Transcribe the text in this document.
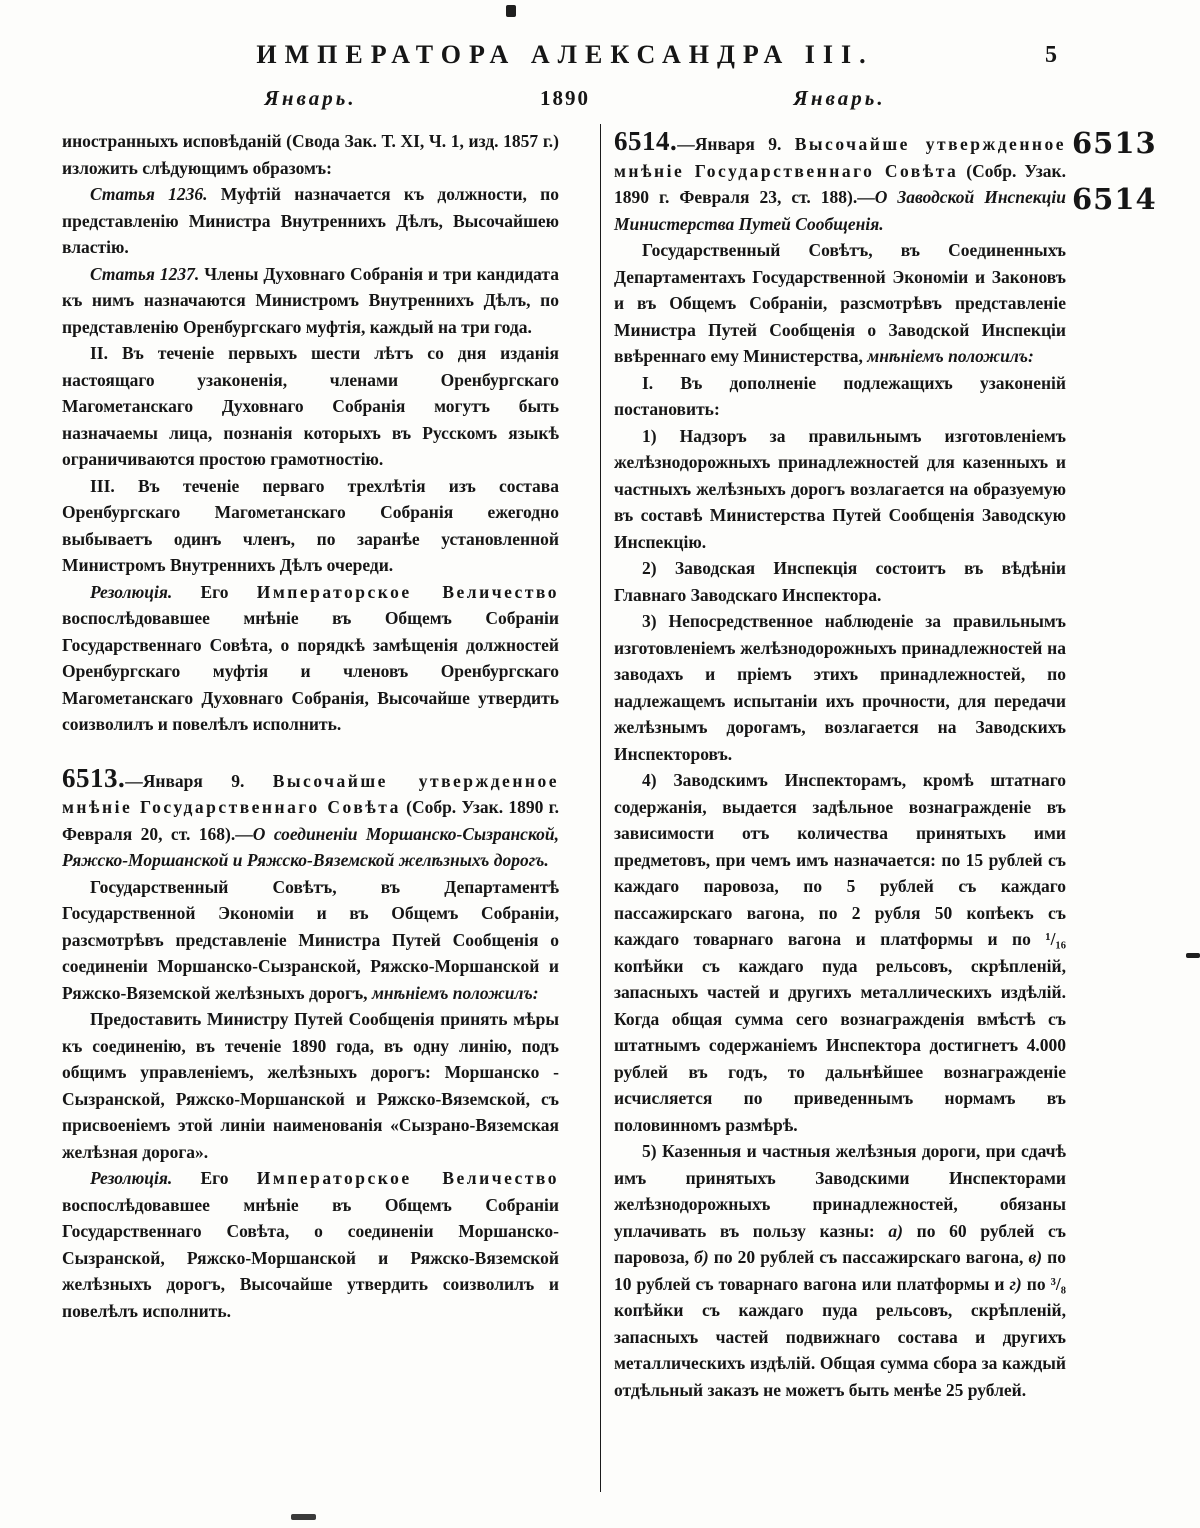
ИМПЕРАТОРА АЛЕКСАНДРА III.	5
Январь.	1890	Январь.
6513
6514

иностранныхъ исповѣданій (Свода Зак. Т. XI, Ч. 1, изд. 1857 г.) изложить слѣдующимъ образомъ:

Статья 1236. Муфтій назначается къ должности, по представленію Министра Внутреннихъ Дѣлъ, Высочайшею властію.

Статья 1237. Члены Духовнаго Собранія и три кандидата къ нимъ назначаются Министромъ Внутреннихъ Дѣлъ, по представленію Оренбургскаго муфтія, каждый на три года.

II. Въ теченіе первыхъ шести лѣтъ со дня изданія настоящаго узаконенія, членами Оренбургскаго Магометанскаго Духовнаго Собранія могутъ быть назначаемы лица, познанія которыхъ въ Русскомъ языкѣ ограничиваются простою грамотностію.

III. Въ теченіе перваго трехлѣтія изъ состава Оренбургскаго Магометанскаго Собранія ежегодно выбываетъ одинъ членъ, по заранѣе установленной Министромъ Внутреннихъ Дѣлъ очереди.

Резолюція. Его Императорское Величество воспослѣдовавшее мнѣніе въ Общемъ Собраніи Государственнаго Совѣта, о порядкѣ замѣщенія должностей Оренбургскаго муфтія и членовъ Оренбургскаго Магометанскаго Духовнаго Собранія, Высочайше утвердить соизволилъ и повелѣлъ исполнить.

6513.—Января 9. Высочайше утвержденное мнѣніе Государственнаго Совѣта (Собр. Узак. 1890 г. Февраля 20, ст. 168).—О соединеніи Моршанско-Сызранской, Ряжско-Моршанской и Ряжско-Вяземской желѣзныхъ дорогъ.

Государственный Совѣтъ, въ Департаментѣ Государственной Экономіи и въ Общемъ Собраніи, разсмотрѣвъ представленіе Министра Путей Сообщенія о соединеніи Моршанско-Сызранской, Ряжско-Моршанской и Ряжско-Вяземской желѣзныхъ дорогъ, мнѣніемъ положилъ:

Предоставить Министру Путей Сообщенія принять мѣры къ соединенію, въ теченіе 1890 года, въ одну линію, подъ общимъ управленіемъ, желѣзныхъ дорогъ: Моршанско - Сызранской, Ряжско-Моршанской и Ряжско-Вяземской, съ присвоеніемъ этой линіи наименованія «Сызрано-Вяземская желѣзная дорога».

Резолюція. Его Императорское Величество воспослѣдовавшее мнѣніе въ Общемъ Собраніи Государственнаго Совѣта, о соединеніи Моршанско-Сызранской, Ряжско-Моршанской и Ряжско-Вяземской желѣзныхъ дорогъ, Высочайше утвердить соизволилъ и повелѣлъ исполнить.

6514.—Января 9. Высочайше утвержденное мнѣніе Государственнаго Совѣта (Собр. Узак. 1890 г. Февраля 23, ст. 188).—О Заводской Инспекціи Министерства Путей Сообщенія.

Государственный Совѣтъ, въ Соединенныхъ Департаментахъ Государственной Экономіи и Законовъ и въ Общемъ Собраніи, разсмотрѣвъ представленіе Министра Путей Сообщенія о Заводской Инспекціи ввѣреннаго ему Министерства, мнѣніемъ положилъ:

I. Въ дополненіе подлежащихъ узаконеній постановить:

1) Надзоръ за правильнымъ изготовленіемъ желѣзнодорожныхъ принадлежностей для казенныхъ и частныхъ желѣзныхъ дорогъ возлагается на образуемую въ составѣ Министерства Путей Сообщенія Заводскую Инспекцію.

2) Заводская Инспекція состоитъ въ вѣдѣніи Главнаго Заводскаго Инспектора.

3) Непосредственное наблюденіе за правильнымъ изготовленіемъ желѣзнодорожныхъ принадлежностей на заводахъ и пріемъ этихъ принадлежностей, по надлежащемъ испытаніи ихъ прочности, для передачи желѣзнымъ дорогамъ, возлагается на Заводскихъ Инспекторовъ.

4) Заводскимъ Инспекторамъ, кромѣ штатнаго содержанія, выдается задѣльное вознагражденіе въ зависимости отъ количества принятыхъ ими предметовъ, при чемъ имъ назначается: по 15 рублей съ каждаго паровоза, по 5 рублей съ каждаго пассажирскаго вагона, по 2 рубля 50 копѣекъ съ каждаго товарнаго вагона и платформы и по ¹/₁₆ копѣйки съ каждаго пуда рельсовъ, скрѣпленій, запасныхъ частей и другихъ металлическихъ издѣлій. Когда общая сумма сего вознагражденія вмѣстѣ съ штатнымъ содержаніемъ Инспектора достигнетъ 4.000 рублей въ годъ, то дальнѣйшее вознагражденіе исчисляется по приведеннымъ нормамъ въ половинномъ размѣрѣ.

5) Казенныя и частныя желѣзныя дороги, при сдачѣ имъ принятыхъ Заводскими Инспекторами желѣзнодорожныхъ принадлежностей, обязаны уплачивать въ пользу казны: а) по 60 рублей съ паровоза, б) по 20 рублей съ пассажирскаго вагона, в) по 10 рублей съ товарнаго вагона или платформы и г) по ³/₈ копѣйки съ каждаго пуда рельсовъ, скрѣпленій, запасныхъ частей подвижнаго состава и другихъ металлическихъ издѣлій. Общая сумма сбора за каждый отдѣльный заказъ не можетъ быть менѣе 25 рублей.
